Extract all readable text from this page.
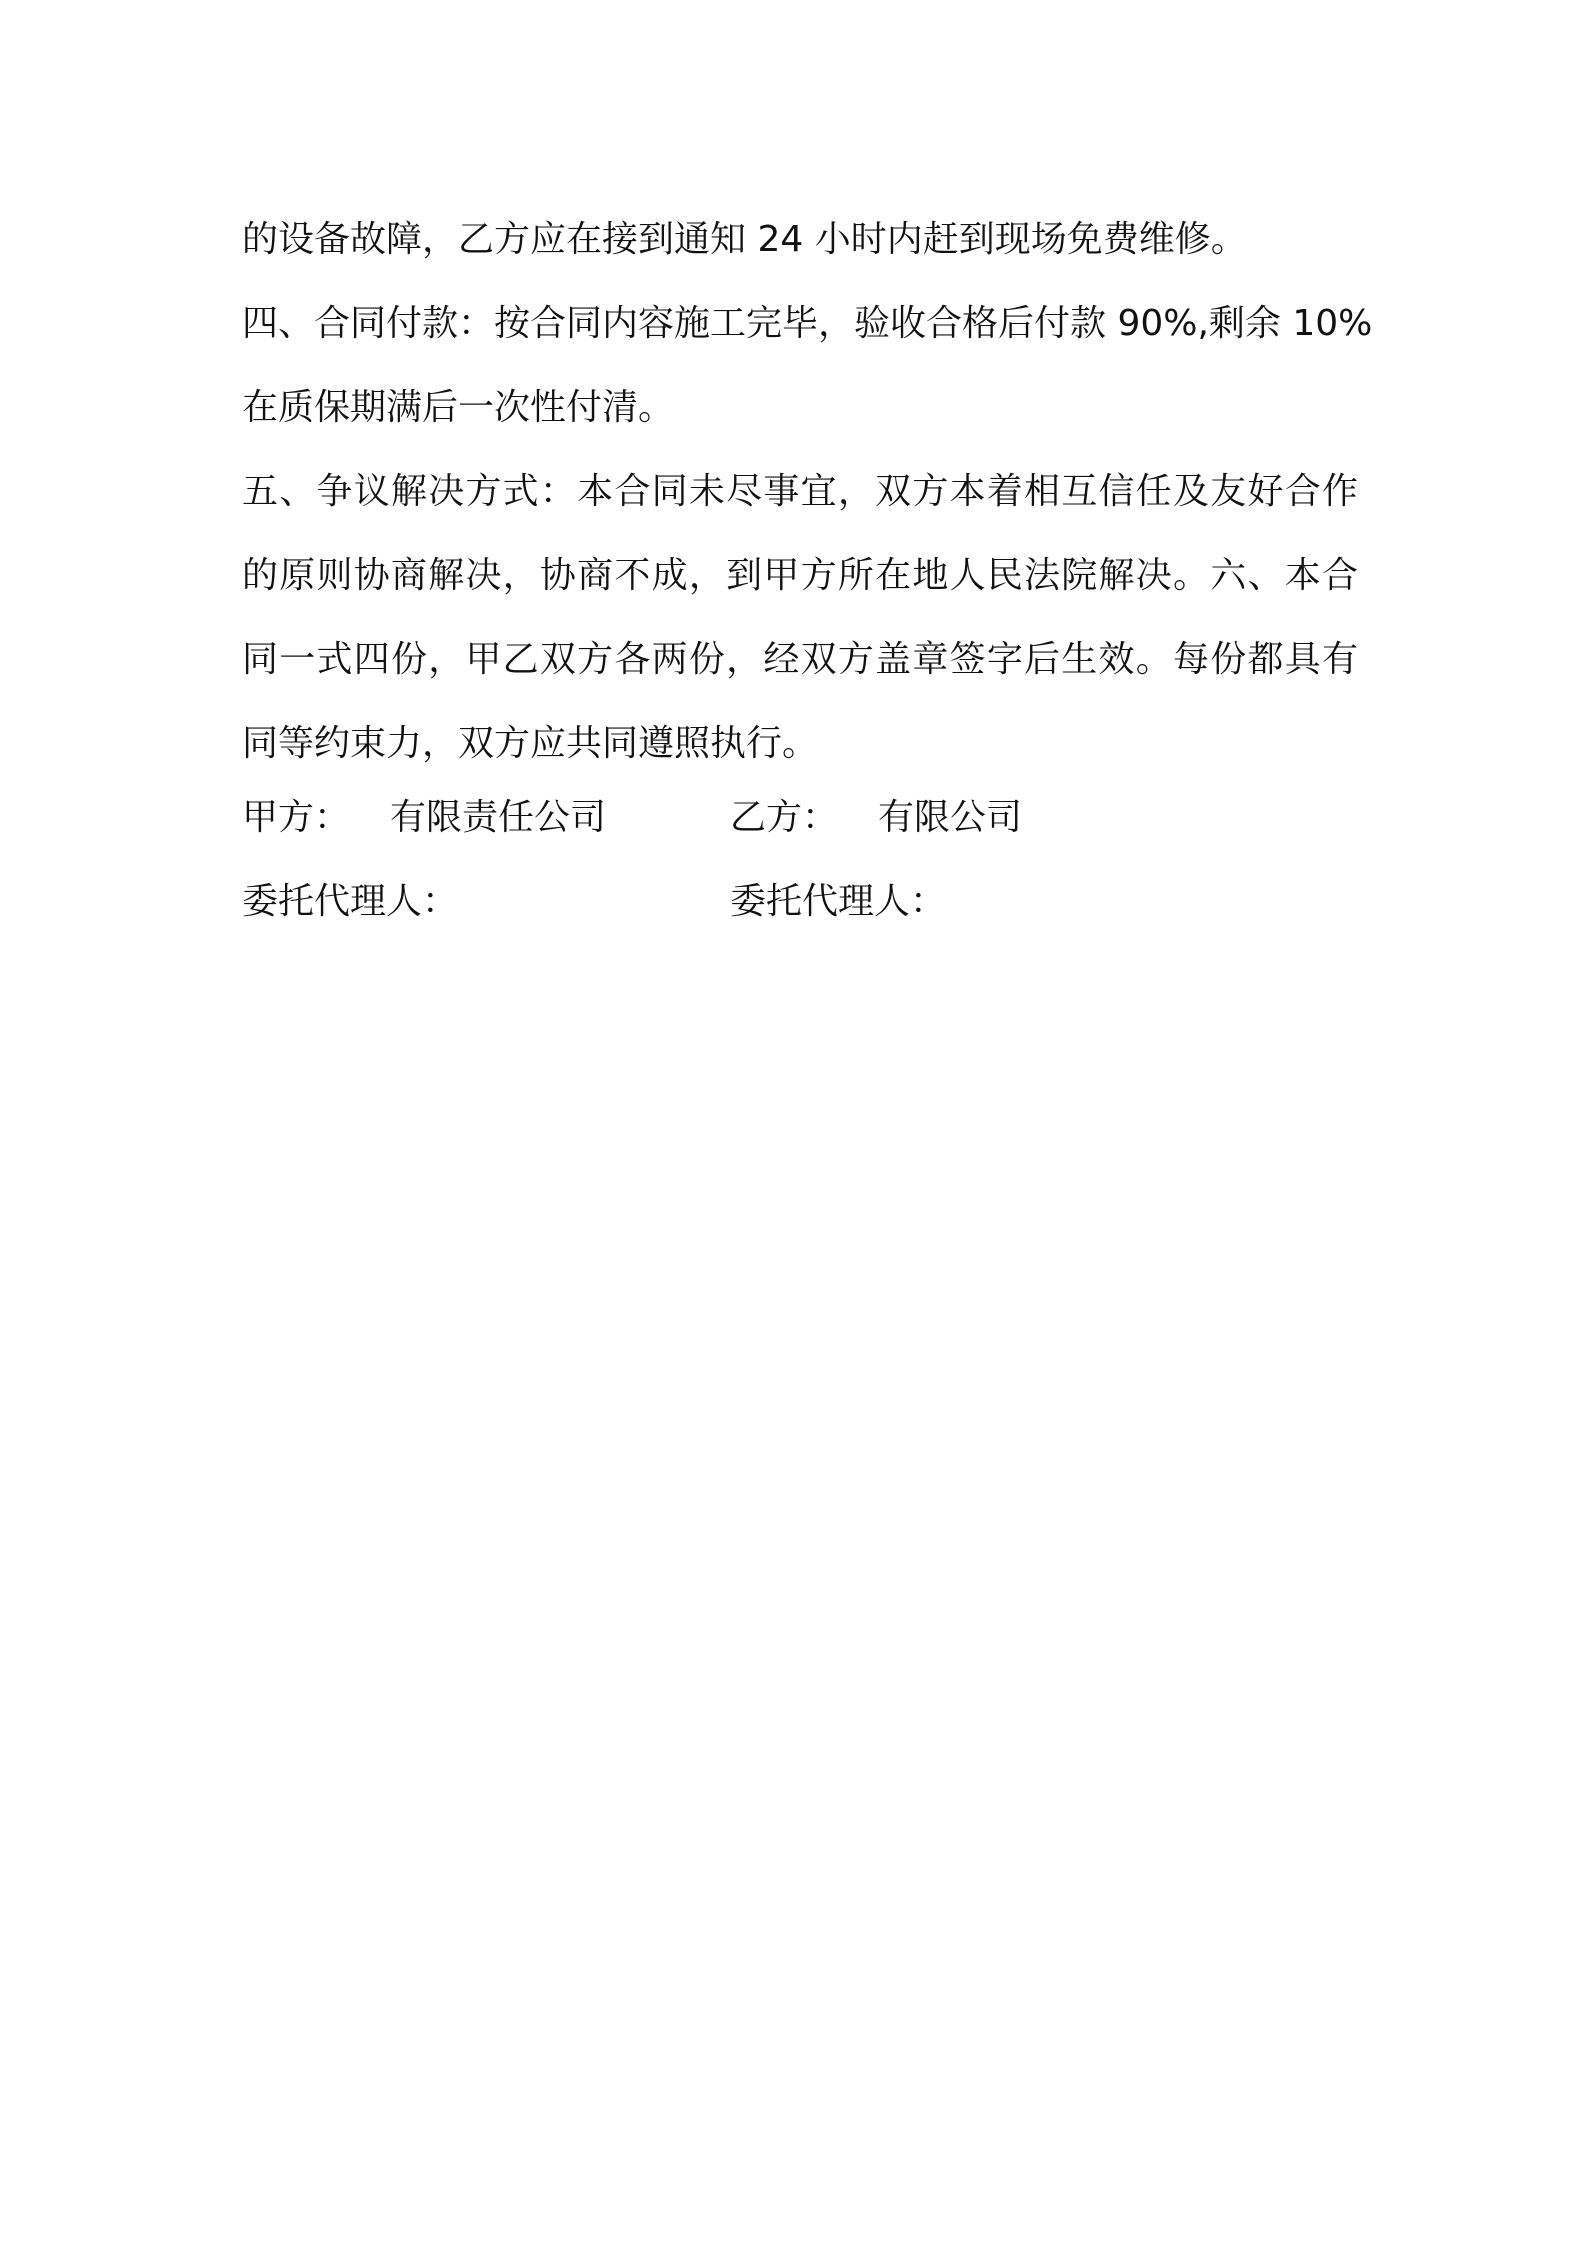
的设备故障，乙方应在接到通知 24 小时内赶到现场免费维修。
四、合同付款：按合同内容施工完毕，验收合格后付款 90%,剩余 10%
在质保期满后一次性付清。
五、争议解决方式：本合同未尽事宜，双方本着相互信任及友好合作
的原则协商解决，协商不成，到甲方所在地人民法院解决。六、本合
同一式四份，甲乙双方各两份，经双方盖章签字后生效。每份都具有
同等约束力，双方应共同遵照执行。
甲方： 有限责任公司	乙方： 有限公司
委托代理人：	委托代理人：
